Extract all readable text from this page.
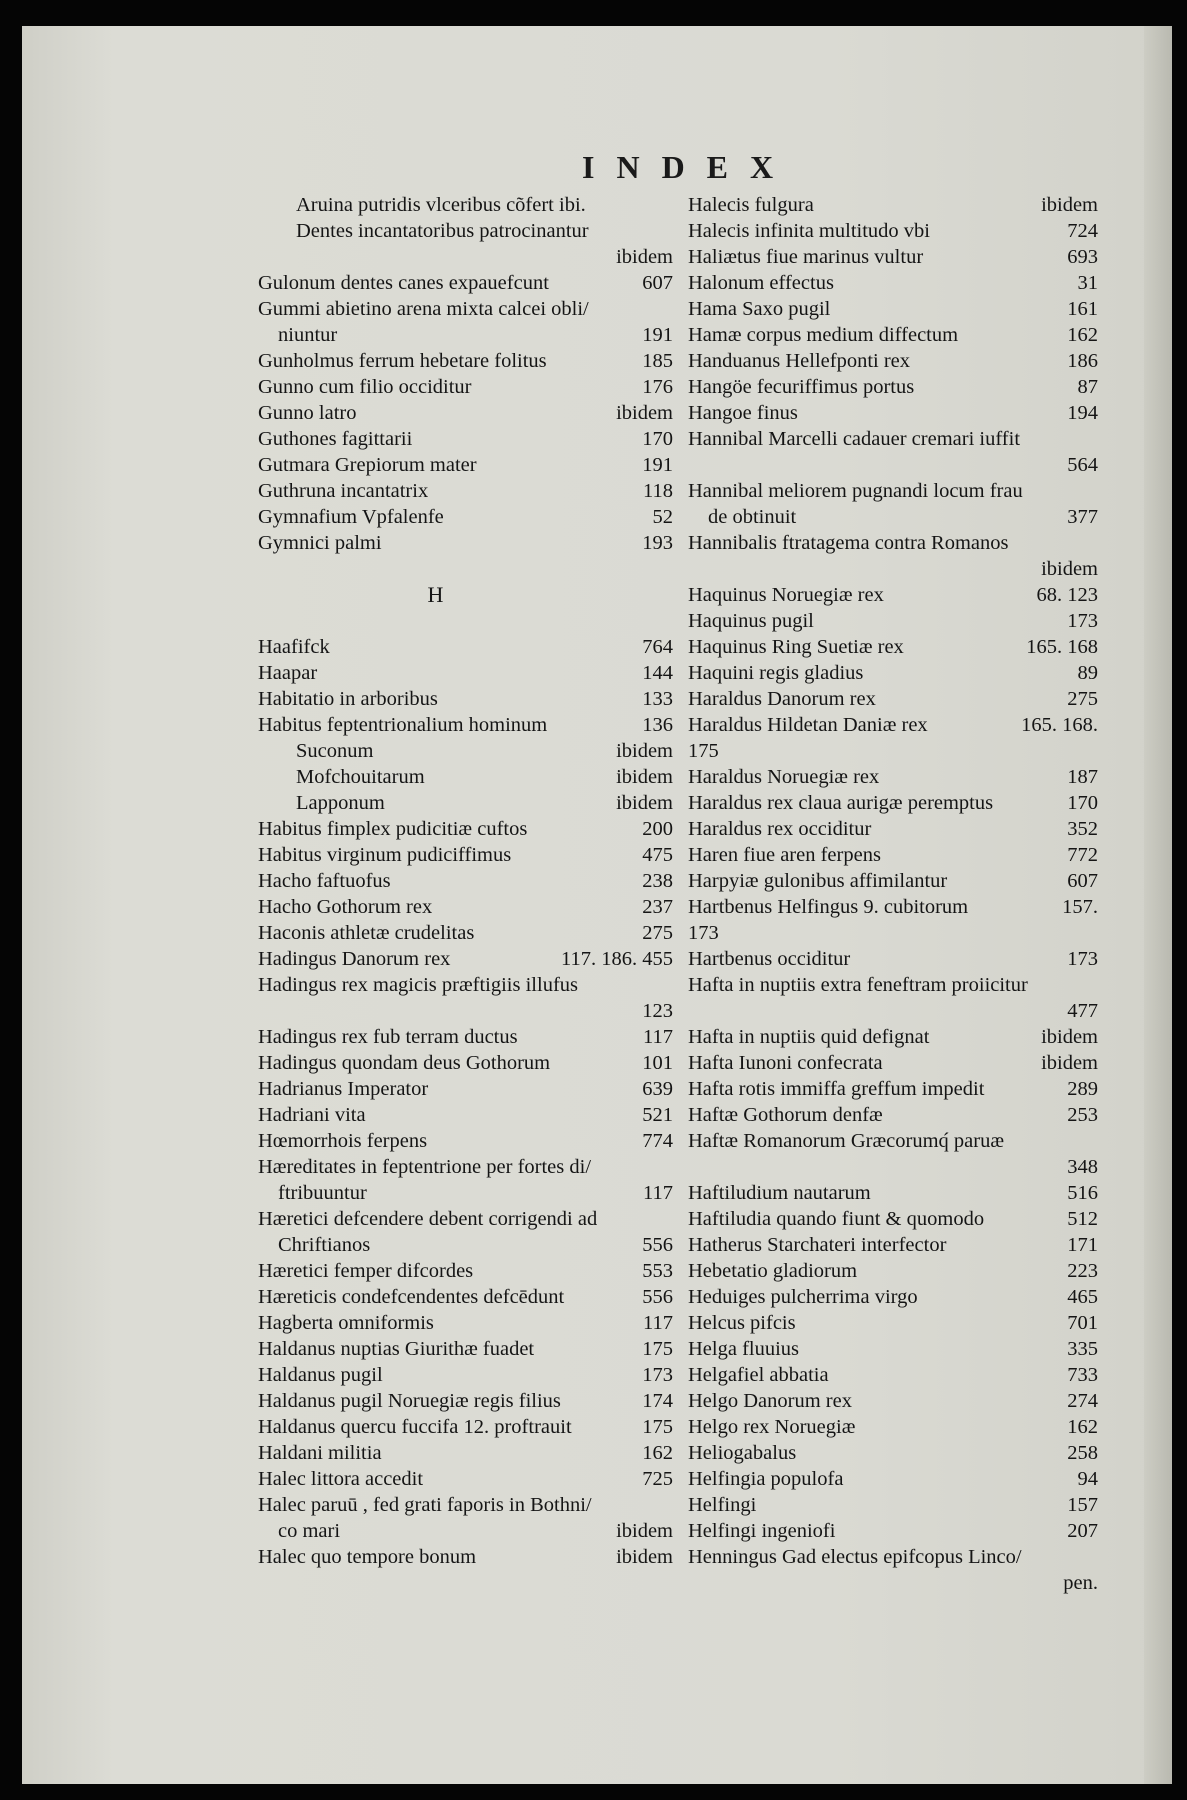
INDEX
Aruina putridis vlceribus cõfert ibi.
Dentes incantatoribus patrocinantur
ibidem
Gulonum dentes canes expauefcunt	607
Gummi abietino arena mixta calcei obli/
niuntur	191
Gunholmus ferrum hebetare folitus	185
Gunno cum filio occiditur	176
Gunno latro	ibidem
Guthones fagittarii	170
Gutmara Grepiorum mater	191
Guthruna incantatrix	118
Gymnafium Vpfalenfe	52
Gymnici palmi	193
H
Haafifck	764
Haapar	144
Habitatio in arboribus	133
Habitus feptentrionalium hominum	136
Suconum	ibidem
Mofchouitarum	ibidem
Lapponum	ibidem
Habitus fimplex pudicitiæ cuftos	200
Habitus virginum pudiciffimus	475
Hacho faftuofus	238
Hacho Gothorum rex	237
Haconis athletæ crudelitas	275
Hadingus Danorum rex	117. 186. 455
Hadingus rex magicis præftigiis illufus
123
Hadingus rex fub terram ductus	117
Hadingus quondam deus Gothorum	101
Hadrianus Imperator	639
Hadriani vita	521
Hœmorrhois ferpens	774
Hæreditates in feptentrione per fortes di/
ftribuuntur	117
Hæretici defcendere debent corrigendi ad
Chriftianos	556
Hæretici femper difcordes	553
Hæreticis condefcendentes defcēdunt	556
Hagberta omniformis	117
Haldanus nuptias Giurithæ fuadet	175
Haldanus pugil	173
Haldanus pugil Noruegiæ regis filius	174
Haldanus quercu fuccifa 12. proftrauit	175
Haldani militia	162
Halec littora accedit	725
Halec paruū , fed grati faporis in Bothni/
co mari	ibidem
Halec quo tempore bonum	ibidem
Halecis fulgura	ibidem
Halecis infinita multitudo vbi	724
Haliætus fiue marinus vultur	693
Halonum effectus	31
Hama Saxo pugil	161
Hamæ corpus medium diffectum	162
Handuanus Hellefponti rex	186
Hangöe fecuriffimus portus	87
Hangoe finus	194
Hannibal Marcelli cadauer cremari iuffit
564
Hannibal meliorem pugnandi locum frau
de obtinuit	377
Hannibalis ftratagema contra Romanos
ibidem
Haquinus Noruegiæ rex	68. 123
Haquinus pugil	173
Haquinus Ring Suetiæ rex	165. 168
Haquini regis gladius	89
Haraldus Danorum rex	275
Haraldus Hildetan Daniæ rex	165. 168.
175
Haraldus Noruegiæ rex	187
Haraldus rex claua aurigæ peremptus	170
Haraldus rex occiditur	352
Haren fiue aren ferpens	772
Harpyiæ gulonibus affimilantur	607
Hartbenus Helfingus 9. cubitorum	157.
173
Hartbenus occiditur	173
Hafta in nuptiis extra feneftram proiicitur
477
Hafta in nuptiis quid defignat	ibidem
Hafta Iunoni confecrata	ibidem
Hafta rotis immiffa greffum impedit	289
Haftæ Gothorum denfæ	253
Haftæ Romanorum Græcorumq́ paruæ
348
Haftiludium nautarum	516
Haftiludia quando fiunt & quomodo	512
Hatherus Starchateri interfector	171
Hebetatio gladiorum	223
Heduiges pulcherrima virgo	465
Helcus pifcis	701
Helga fluuius	335
Helgafiel abbatia	733
Helgo Danorum rex	274
Helgo rex Noruegiæ	162
Heliogabalus	258
Helfingia populofa	94
Helfingi	157
Helfingi ingeniofi	207
Henningus Gad electus epifcopus Linco/
pen.
